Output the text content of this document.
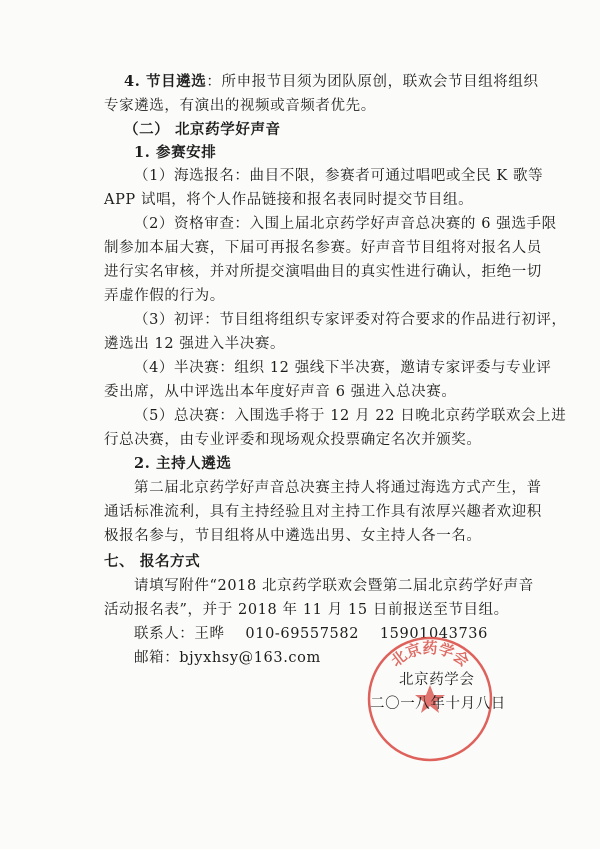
4. 节目遴选：所申报节目须为团队原创，联欢会节目组将组织
专家遴选，有演出的视频或音频者优先。
（二） 北京药学好声音
1. 参赛安排
（1）海选报名：曲目不限，参赛者可通过唱吧或全民 K 歌等
APP 试唱，将个人作品链接和报名表同时提交节目组。
（2）资格审查：入围上届北京药学好声音总决赛的 6 强选手限
制参加本届大赛，下届可再报名参赛。好声音节目组将对报名人员
进行实名审核，并对所提交演唱曲目的真实性进行确认，拒绝一切
弄虚作假的行为。
（3）初评：节目组将组织专家评委对符合要求的作品进行初评，
遴选出 12 强进入半决赛。
（4）半决赛：组织 12 强线下半决赛，邀请专家评委与专业评
委出席，从中评选出本年度好声音 6 强进入总决赛。
（5）总决赛：入围选手将于 12 月 22 日晚北京药学联欢会上进
行总决赛，由专业评委和现场观众投票确定名次并颁奖。
2. 主持人遴选
第二届北京药学好声音总决赛主持人将通过海选方式产生，普
通话标准流利，具有主持经验且对主持工作具有浓厚兴趣者欢迎积
极报名参与，节目组将从中遴选出男、女主持人各一名。
七、 报名方式
请填写附件“2018 北京药学联欢会暨第二届北京药学好声音
活动报名表”，并于 2018 年 11 月 15 日前报送至节目组。
联系人：王晔    010-69557582    15901043736
邮箱：bjyxhsy@163.com	北京药学会
北京药学会
二〇一八年十月八日
